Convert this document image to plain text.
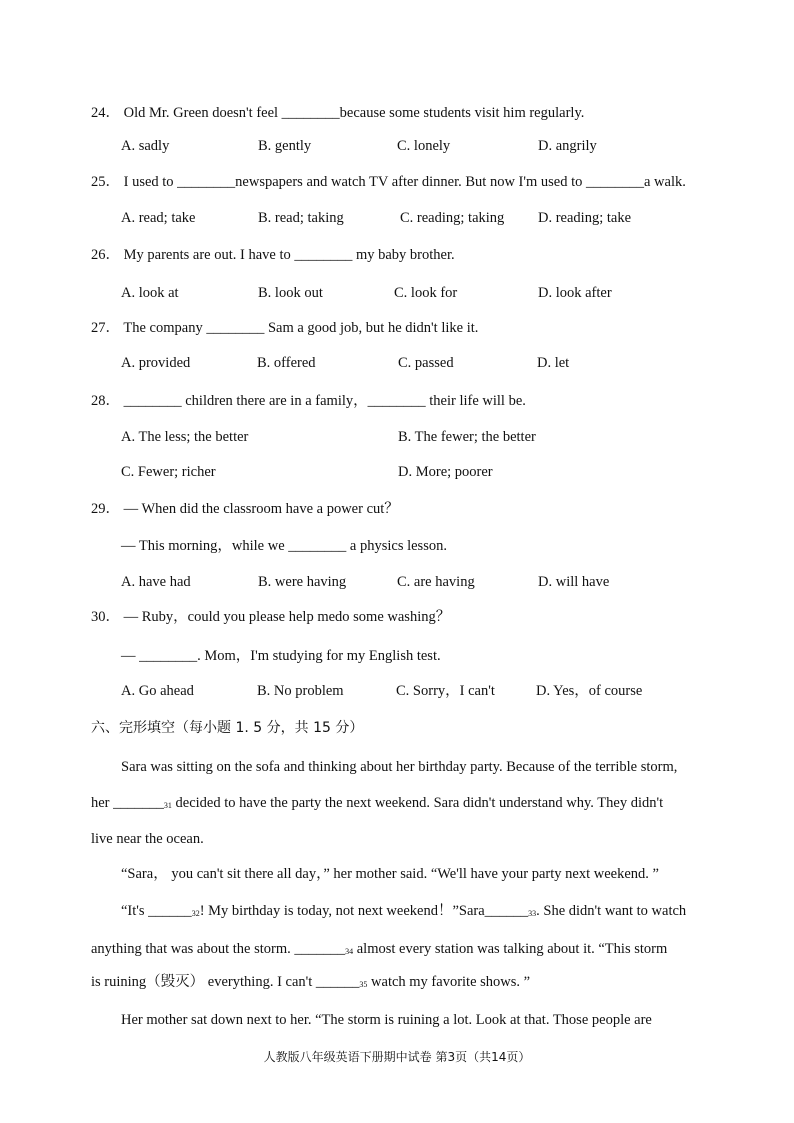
24． Old Mr. Green doesn't feel ________because some students visit him regularly.
A. sadly	B. gently	C. lonely	D. angrily
25． I used to ________newspapers and watch TV after dinner. But now I'm used to ________a walk.
A. read; take	B. read; taking	C. reading; taking D. reading; take
26． My parents are out. I have to ________ my baby brother.
A. look at	B. look out	C. look for	D. look after
27． The company ________ Sam a good job, but he didn't like it.
A. provided	B. offered	C. passed	D. let
28． ________ children there are in a family，________ their life will be.
A. The less; the better	B. The fewer; the better
C. Fewer; richer	D. More; poorer
29． — When did the classroom have a power cut？
— This morning，while we ________ a physics lesson.
A. have had	B. were having	C. are having	D. will have
30． — Ruby，could you please help medo some washing？
— ________. Mom，I'm studying for my English test.
A. Go ahead	B. No problem	C. Sorry，I can't	D. Yes，of course
六、完形填空（每小题 1. 5 分，共 15 分）
Sara was sitting on the sofa and thinking about her birthday party. Because of the terrible storm,
her _______31 decided to have the party the next weekend. Sara didn't understand why. They didn't
live near the ocean.
“Sara， you can't sit there all day，” her mother said. “We'll have your party next weekend. ”
“It's ______32! My birthday is today, not next weekend！”Sara______33. She didn't want to watch
anything that was about the storm. _______34 almost every station was talking about it. “This storm
is ruining（毁灭） everything. I can't ______35 watch my favorite shows. ”
Her mother sat down next to her. “The storm is ruining a lot. Look at that. Those people are
人教版八年级英语下册期中试卷 第3页（共14页）
